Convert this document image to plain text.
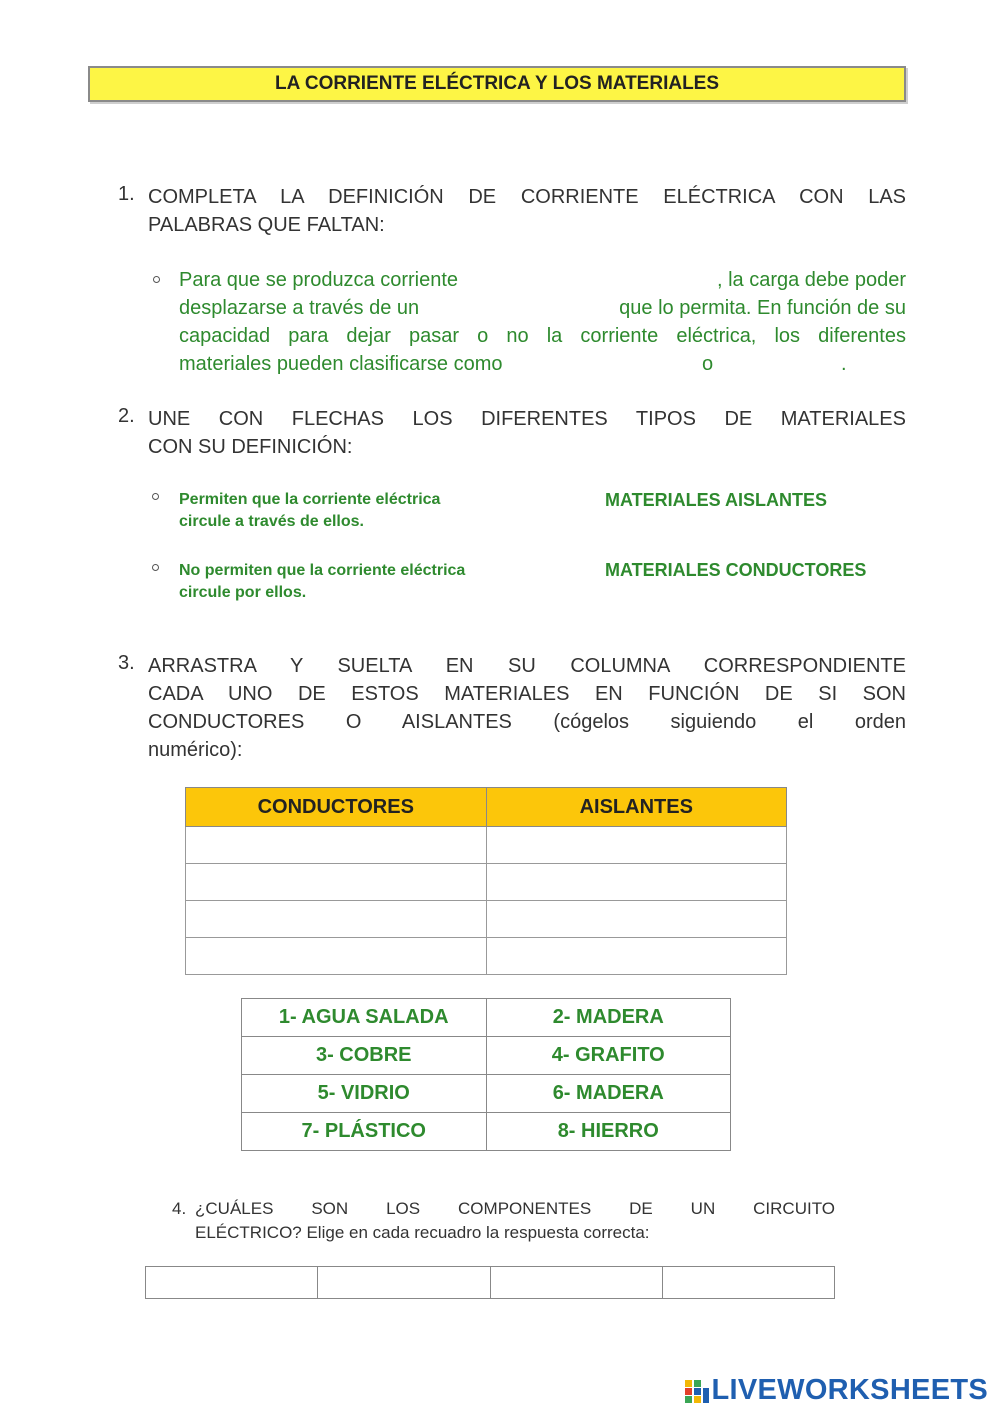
LA CORRIENTE ELÉCTRICA Y LOS MATERIALES
1. COMPLETA LA DEFINICIÓN DE CORRIENTE ELÉCTRICA CON LAS
PALABRAS QUE FALTAN:
Para que se produzca corriente	, la carga debe poder
desplazarse a través de un	que lo permita. En función de su
capacidad para dejar pasar o no la corriente eléctrica, los diferentes
materiales pueden clasificarse como	o	.
2. UNE CON FLECHAS LOS DIFERENTES TIPOS DE MATERIALES
CON SU DEFINICIÓN:
Permiten que la corriente eléctrica
circule a través de ellos.
MATERIALES AISLANTES
No permiten que la corriente eléctrica
circule por ellos.
MATERIALES CONDUCTORES
3. ARRASTRA Y SUELTA EN SU COLUMNA CORRESPONDIENTE
CADA UNO DE ESTOS MATERIALES EN FUNCIÓN DE SI SON
CONDUCTORES O AISLANTES (cógelos siguiendo el orden
numérico):
CONDUCTORES	AISLANTES

1- AGUA SALADA	2- MADERA
3- COBRE	4- GRAFITO
5- VIDRIO	6- MADERA
7- PLÁSTICO	8- HIERRO
4. ¿CUÁLES SON LOS COMPONENTES DE UN CIRCUITO
ELÉCTRICO? Elige en cada recuadro la respuesta correcta:

LIVEWORKSHEETS
